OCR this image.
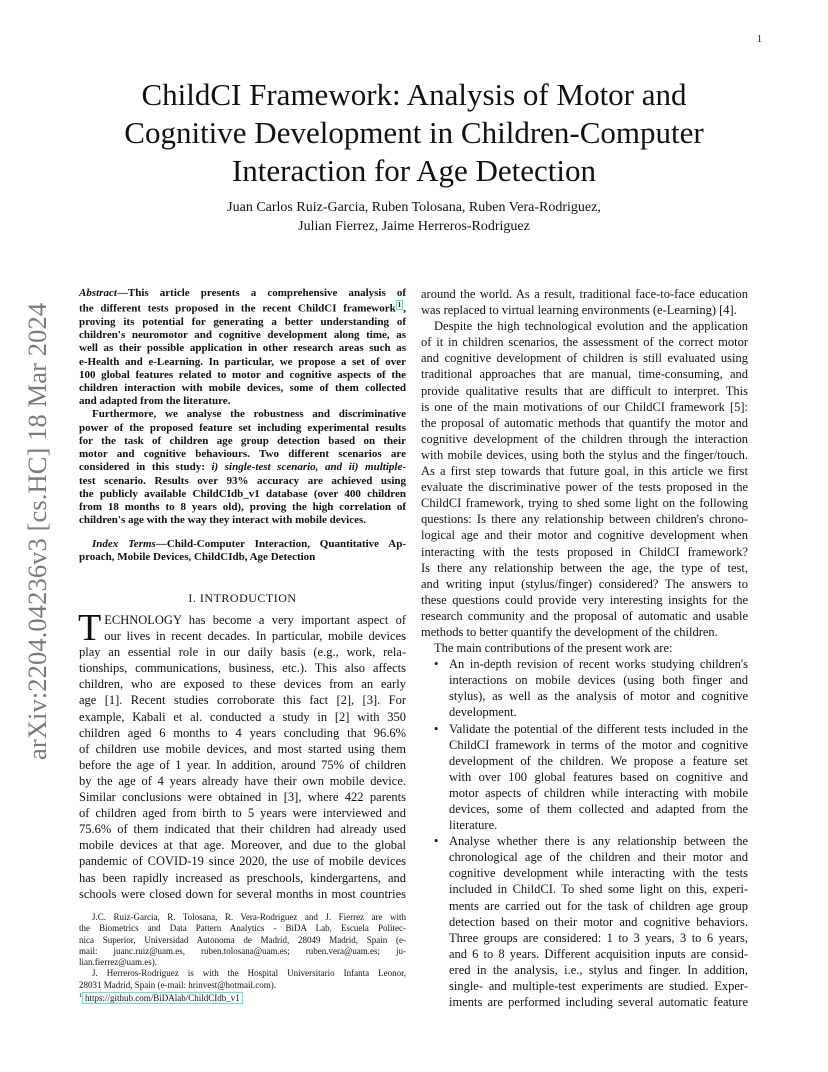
1
arXiv:2204.04236v3 [cs.HC] 18 Mar 2024
ChildCI Framework: Analysis of Motor and
Cognitive Development in Children-Computer
Interaction for Age Detection
Juan Carlos Ruiz-Garcia, Ruben Tolosana, Ruben Vera-Rodriguez,
Julian Fierrez, Jaime Herreros-Rodriguez
Abstract—This article presents a comprehensive analysis of
the different tests proposed in the recent ChildCI framework 1 ,
proving its potential for generating a better understanding of
children's neuromotor and cognitive development along time, as
well as their possible application in other research areas such as
e-Health and e-Learning. In particular, we propose a set of over
100 global features related to motor and cognitive aspects of the
children interaction with mobile devices, some of them collected
and adapted from the literature.
Furthermore, we analyse the robustness and discriminative
power of the proposed feature set including experimental results
for the task of children age group detection based on their
motor and cognitive behaviours. Two different scenarios are
considered in this study: i) single-test scenario, and ii) multiple-
test scenario. Results over 93% accuracy are achieved using
the publicly available ChildCIdb_v1 database (over 400 children
from 18 months to 8 years old), proving the high correlation of
children's age with the way they interact with mobile devices.
Index Terms—Child-Computer Interaction, Quantitative Ap-
proach, Mobile Devices, ChildCIdb, Age Detection
I. INTRODUCTION
T ECHNOLOGY has become a very important aspect of
our lives in recent decades. In particular, mobile devices
play an essential role in our daily basis (e.g., work, rela-
tionships, communications, business, etc.). This also affects
children, who are exposed to these devices from an early
age [1]. Recent studies corroborate this fact [2], [3]. For
example, Kabali et al. conducted a study in [2] with 350
children aged 6 months to 4 years concluding that 96.6%
of children use mobile devices, and most started using them
before the age of 1 year. In addition, around 75% of children
by the age of 4 years already have their own mobile device.
Similar conclusions were obtained in [3], where 422 parents
of children aged from birth to 5 years were interviewed and
75.6% of them indicated that their children had already used
mobile devices at that age. Moreover, and due to the global
pandemic of COVID-19 since 2020, the use of mobile devices
has been rapidly increased as preschools, kindergartens, and
schools were closed down for several months in most countries
J.C. Ruiz-Garcia, R. Tolosana, R. Vera-Rodriguez and J. Fierrez are with
the Biometrics and Data Pattern Analytics - BiDA Lab, Escuela Politec-
nica Superior, Universidad Autonoma de Madrid, 28049 Madrid, Spain (e-
mail: juanc.ruiz@uam.es, ruben.tolosana@uam.es; ruben.vera@uam.es; ju-
lian.fierrez@uam.es).
J. Herreros-Rodriguez is with the Hospital Universitario Infanta Leonor,
28031 Madrid, Spain (e-mail: hrinvest@hotmail.com).
$^1$ https://github.com/BiDAlab/ChildCIdb_v1
around the world. As a result, traditional face-to-face education
was replaced to virtual learning environments (e-Learning) [4].
Despite the high technological evolution and the application
of it in children scenarios, the assessment of the correct motor
and cognitive development of children is still evaluated using
traditional approaches that are manual, time-consuming, and
provide qualitative results that are difficult to interpret. This
is one of the main motivations of our ChildCI framework [5]:
the proposal of automatic methods that quantify the motor and
cognitive development of the children through the interaction
with mobile devices, using both the stylus and the finger/touch.
As a first step towards that future goal, in this article we first
evaluate the discriminative power of the tests proposed in the
ChildCI framework, trying to shed some light on the following
questions: Is there any relationship between children's chrono-
logical age and their motor and cognitive development when
interacting with the tests proposed in ChildCI framework?
Is there any relationship between the age, the type of test,
and writing input (stylus/finger) considered? The answers to
these questions could provide very interesting insights for the
research community and the proposal of automatic and usable
methods to better quantify the development of the children.
The main contributions of the present work are:
• An in-depth revision of recent works studying children's
interactions on mobile devices (using both finger and
stylus), as well as the analysis of motor and cognitive
development.
• Validate the potential of the different tests included in the
ChildCI framework in terms of the motor and cognitive
development of the children. We propose a feature set
with over 100 global features based on cognitive and
motor aspects of children while interacting with mobile
devices, some of them collected and adapted from the
literature.
• Analyse whether there is any relationship between the
chronological age of the children and their motor and
cognitive development while interacting with the tests
included in ChildCI. To shed some light on this, experi-
ments are carried out for the task of children age group
detection based on their motor and cognitive behaviors.
Three groups are considered: 1 to 3 years, 3 to 6 years,
and 6 to 8 years. Different acquisition inputs are consid-
ered in the analysis, i.e., stylus and finger. In addition,
single- and multiple-test experiments are studied. Exper-
iments are performed including several automatic feature
